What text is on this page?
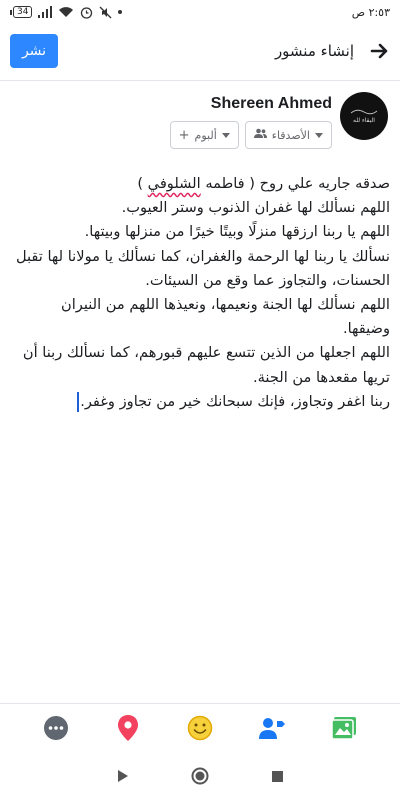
34	٢:٥٣ ص
نشر	إنشاء منشور
البقاء لله
Shereen Ahmed
الأصدقاء
+ ألبوم

صدقه جاريه علي روح ( فاطمه الشلوفي )

اللهم نسألك لها غفران الذنوب وستر العيوب.

اللهم يا ربنا ارزقها منزلًا وبيتًا خيرًا من منزلها وبيتها.

نسألك يا ربنا لها الرحمة والغفران، كما نسألك يا مولانا لها تقبل الحسنات، والتجاوز عما وقع من السيئات.

اللهم نسألك لها الجنة ونعيمها، ونعيذها اللهم من النيران وضيقها.

اللهم اجعلها من الذين تتسع عليهم قبورهم، كما نسألك ربنا أن تريها مقعدها من الجنة.

ربنا اغفر وتجاوز، فإنك سبحانك خير من تجاوز وغفر.
